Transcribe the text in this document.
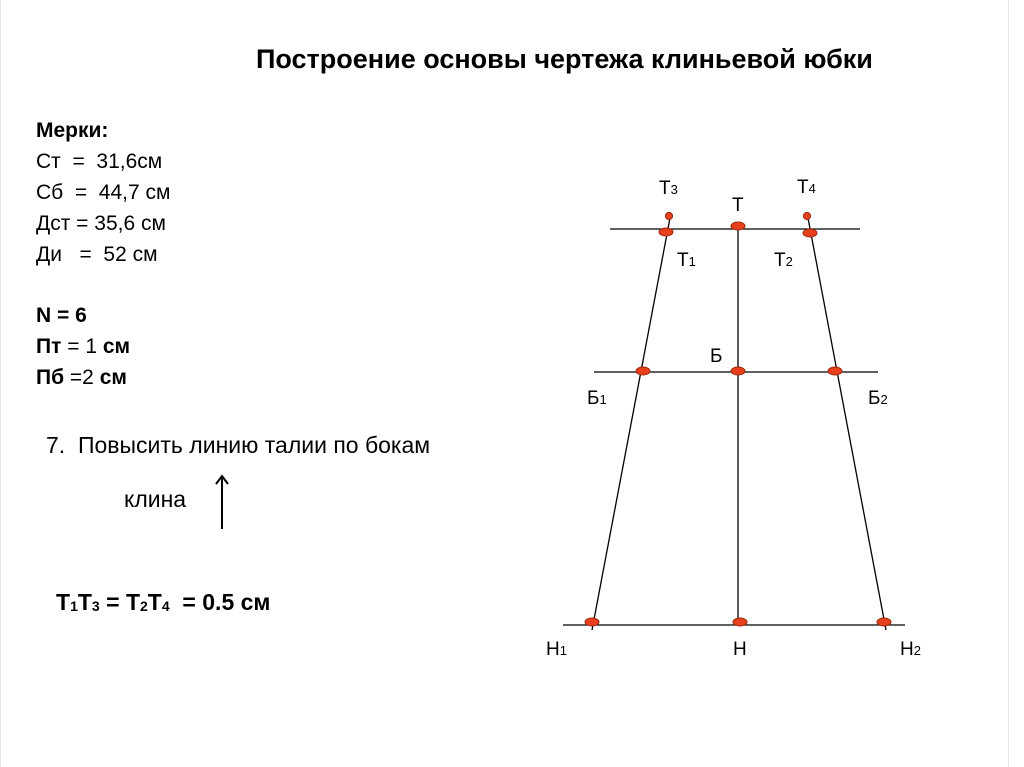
Построение основы чертежа клиньевой юбки
Мерки:
Ст  =  31,6см
Сб  =  44,7 см
Дст = 35,6 см
Ди   =  52 см
N = 6
Пт = 1 см
Пб =2 см
7. Повысить линию талии по бокам
клина
$Т_1Т_3 = Т_2Т_4 = 0.5$ см
Т3	Т4
Т
Т1	Т2
Б
Б1	Б2
Н1	Н	Н2
